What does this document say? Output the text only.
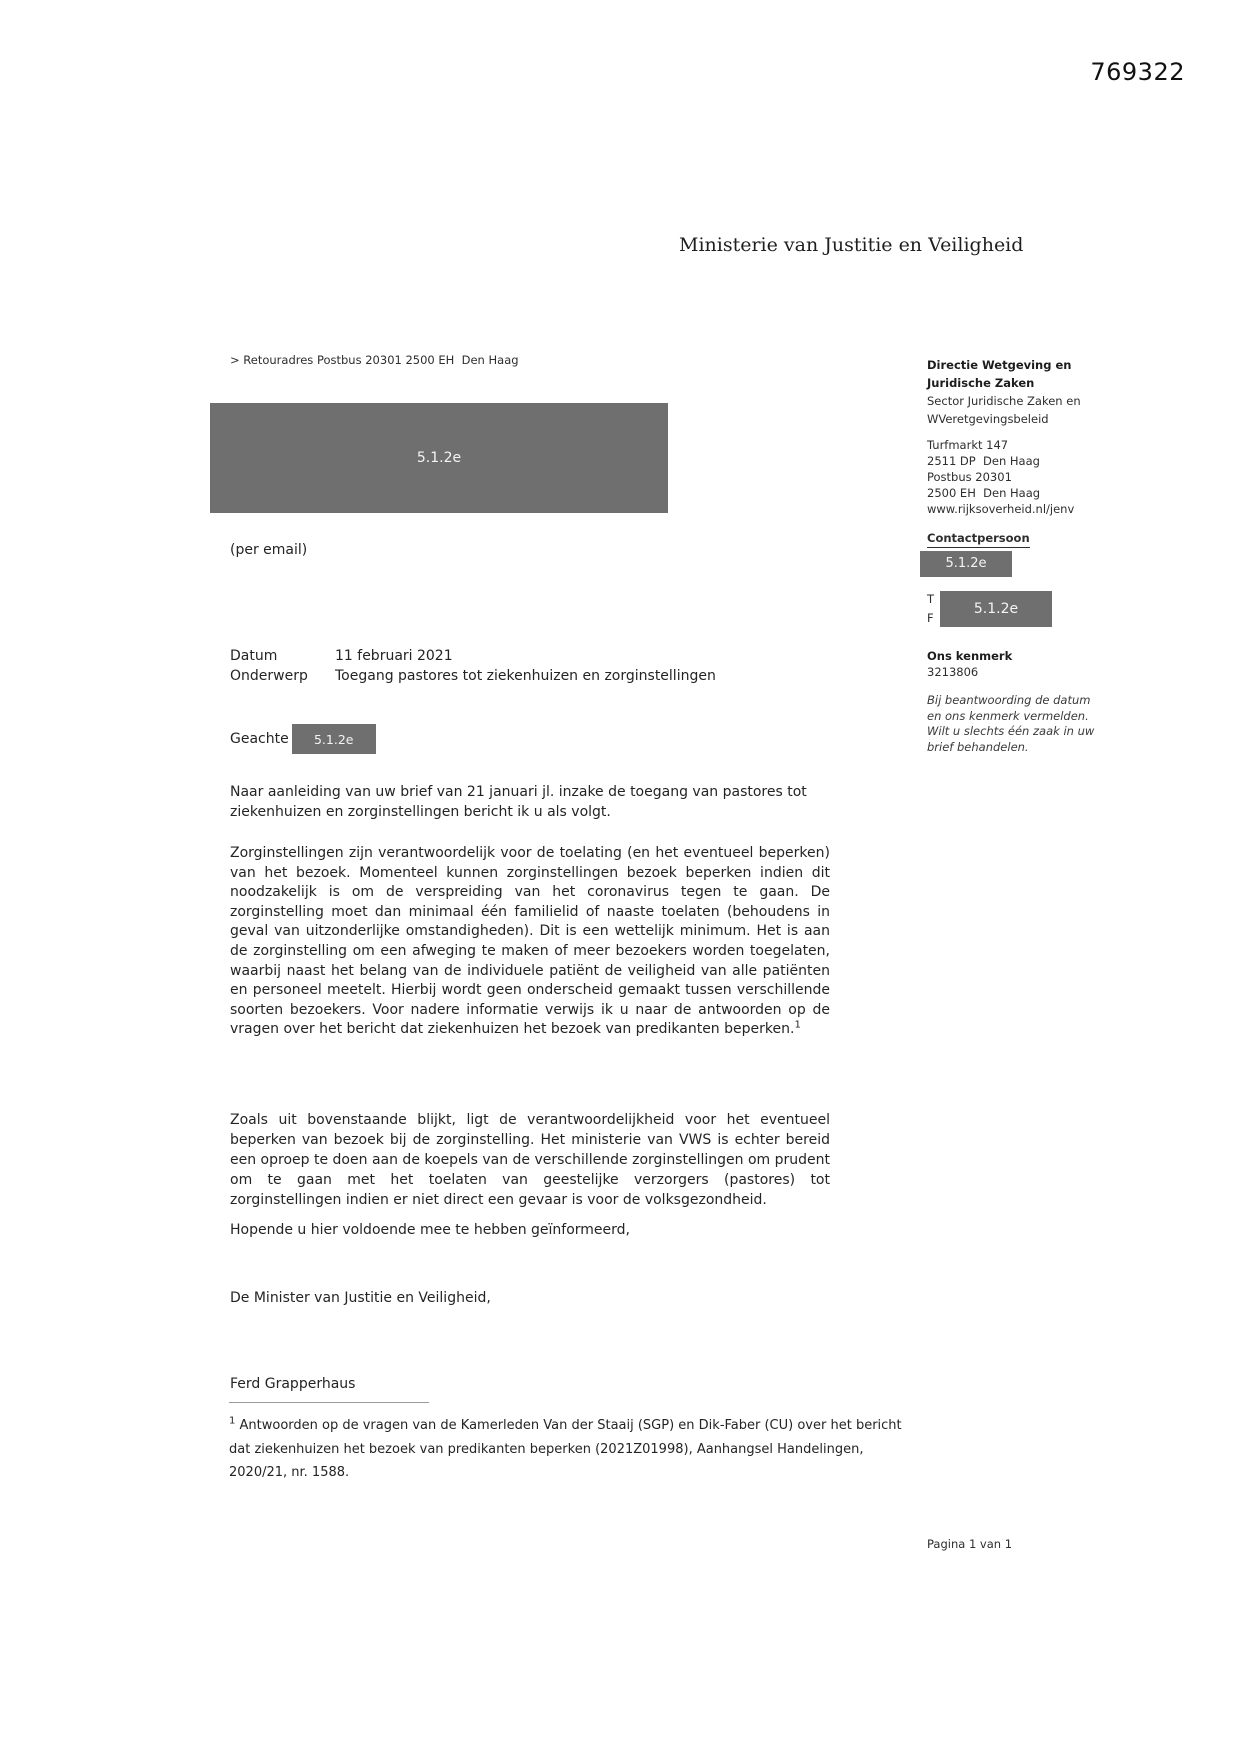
769322
Ministerie van Justitie en Veiligheid
> Retouradres Postbus 20301 2500 EH  Den Haag
5.1.2e
(per email)
Directie Wetgeving en
Juridische Zaken
Sector Juridische Zaken en
WVeretgevingsbeleid
Turfmarkt 147
2511 DP  Den Haag
Postbus 20301
2500 EH  Den Haag
www.rijksoverheid.nl/jenv
Contactpersoon
5.1.2e
T
F
5.1.2e
Ons kenmerk
3213806
Bij beantwoording de datum
en ons kenmerk vermelden.
Wilt u slechts één zaak in uw
brief behandelen.
Datum	11 februari 2021
Onderwerp	Toegang pastores tot ziekenhuizen en zorginstellingen
Geachte 5.1.2e

Naar aanleiding van uw brief van 21 januari jl. inzake de toegang van pastores tot ziekenhuizen en zorginstellingen bericht ik u als volgt.

Zorginstellingen zijn verantwoordelijk voor de toelating (en het eventueel beperken) van het bezoek. Momenteel kunnen zorginstellingen bezoek beperken indien dit noodzakelijk is om de verspreiding van het coronavirus tegen te gaan. De zorginstelling moet dan minimaal één familielid of naaste toelaten (behoudens in geval van uitzonderlijke omstandigheden). Dit is een wettelijk minimum. Het is aan de zorginstelling om een afweging te maken of meer bezoekers worden toegelaten, waarbij naast het belang van de individuele patiënt de veiligheid van alle patiënten en personeel meetelt. Hierbij wordt geen onderscheid gemaakt tussen verschillende soorten bezoekers. Voor nadere informatie verwijs ik u naar de antwoorden op de vragen over het bericht dat ziekenhuizen het bezoek van predikanten beperken.$^1$

Zoals uit bovenstaande blijkt, ligt de verantwoordelijkheid voor het eventueel beperken van bezoek bij de zorginstelling. Het ministerie van VWS is echter bereid een oproep te doen aan de koepels van de verschillende zorginstellingen om prudent om te gaan met het toelaten van geestelijke verzorgers (pastores) tot zorginstellingen indien er niet direct een gevaar is voor de volksgezondheid.

Hopende u hier voldoende mee te hebben geïnformeerd,
De Minister van Justitie en Veiligheid,
Ferd Grapperhaus
$^1$ Antwoorden op de vragen van de Kamerleden Van der Staaij (SGP) en Dik-Faber (CU) over het bericht dat ziekenhuizen het bezoek van predikanten beperken (2021Z01998), Aanhangsel Handelingen, 2020/21, nr. 1588.
Pagina 1 van 1
